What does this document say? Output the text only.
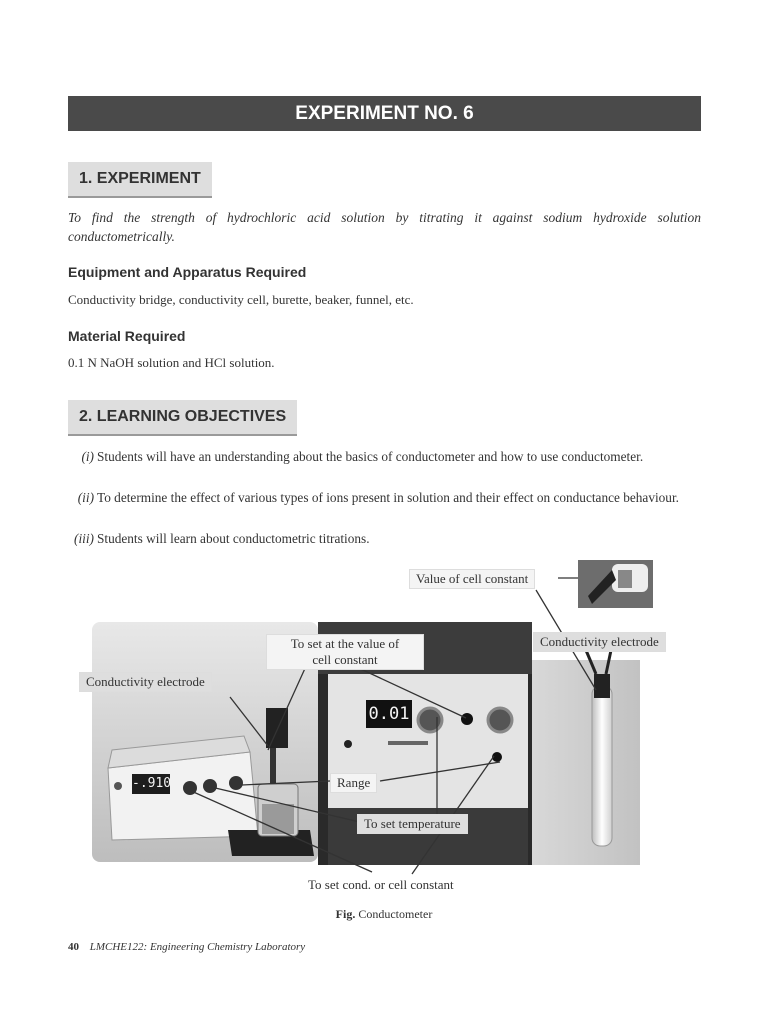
EXPERIMENT NO. 6
1. EXPERIMENT
To find the strength of hydrochloric acid solution by titrating it against sodium hydroxide solution conductometrically.
Equipment and Apparatus Required
Conductivity bridge, conductivity cell, burette, beaker, funnel, etc.
Material Required
0.1 N NaOH solution and HCl solution.
2. LEARNING OBJECTIVES
(i) Students will have an understanding about the basics of conductometer and how to use conductometer.
(ii) To determine the effect of various types of ions present in solution and their effect on conductance behaviour.
(iii) Students will learn about conductometric titrations.
Value of cell constant
Conductivity electrode
To set at the value of
cell constant
Conductivity electrode
Range
To set temperature
To set cond. or cell constant
-.910
0.01
Fig. Conductometer
40 LMCHE122: Engineering Chemistry Laboratory
